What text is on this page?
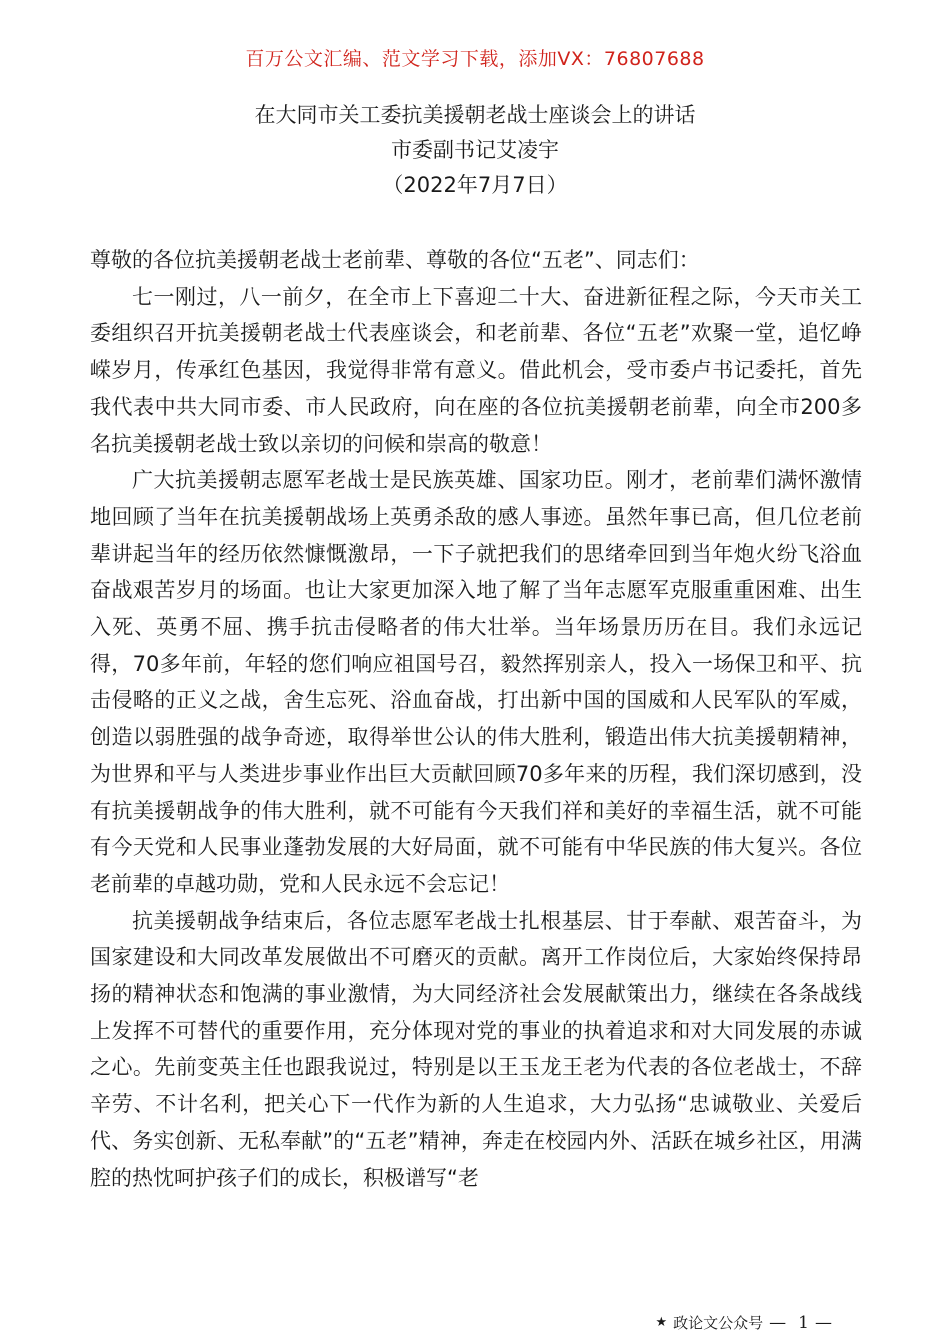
百万公文汇编、范文学习下载，添加VX：76807688
在大同市关工委抗美援朝老战士座谈会上的讲话
市委副书记艾凌宇
（2022年7月7日）

尊敬的各位抗美援朝老战士老前辈、尊敬的各位“五老”、同志们：

七一刚过，八一前夕，在全市上下喜迎二十大、奋进新征程之际，今天市关工委组织召开抗美援朝老战士代表座谈会，和老前辈、各位“五老”欢聚一堂，追忆峥嵘岁月，传承红色基因，我觉得非常有意义。借此机会，受市委卢书记委托，首先我代表中共大同市委、市人民政府，向在座的各位抗美援朝老前辈，向全市200多名抗美援朝老战士致以亲切的问候和崇高的敬意！

广大抗美援朝志愿军老战士是民族英雄、国家功臣。刚才，老前辈们满怀激情地回顾了当年在抗美援朝战场上英勇杀敌的感人事迹。虽然年事已高，但几位老前辈讲起当年的经历依然慷慨激昂，一下子就把我们的思绪牵回到当年炮火纷飞浴血奋战艰苦岁月的场面。也让大家更加深入地了解了当年志愿军克服重重困难、出生入死、英勇不屈、携手抗击侵略者的伟大壮举。当年场景历历在目。我们永远记得，70多年前，年轻的您们响应祖国号召，毅然挥别亲人，投入一场保卫和平、抗击侵略的正义之战，舍生忘死、浴血奋战，打出新中国的国威和人民军队的军威，创造以弱胜强的战争奇迹，取得举世公认的伟大胜利，锻造出伟大抗美援朝精神，为世界和平与人类进步事业作出巨大贡献回顾70多年来的历程，我们深切感到，没有抗美援朝战争的伟大胜利，就不可能有今天我们祥和美好的幸福生活，就不可能有今天党和人民事业蓬勃发展的大好局面，就不可能有中华民族的伟大复兴。各位老前辈的卓越功勋，党和人民永远不会忘记！

抗美援朝战争结束后，各位志愿军老战士扎根基层、甘于奉献、艰苦奋斗，为国家建设和大同改革发展做出不可磨灭的贡献。离开工作岗位后，大家始终保持昂扬的精神状态和饱满的事业激情，为大同经济社会发展献策出力，继续在各条战线上发挥不可替代的重要作用，充分体现对党的事业的执着追求和对大同发展的赤诚之心。先前变英主任也跟我说过，特别是以王玉龙王老为代表的各位老战士，不辞辛劳、不计名利，把关心下一代作为新的人生追求，大力弘扬“忠诚敬业、关爱后代、务实创新、无私奉献”的“五老”精神，奔走在校园内外、活跃在城乡社区，用满腔的热忱呵护孩子们的成长，积极谱写“老

★ 政论文公众号 — 1 —
